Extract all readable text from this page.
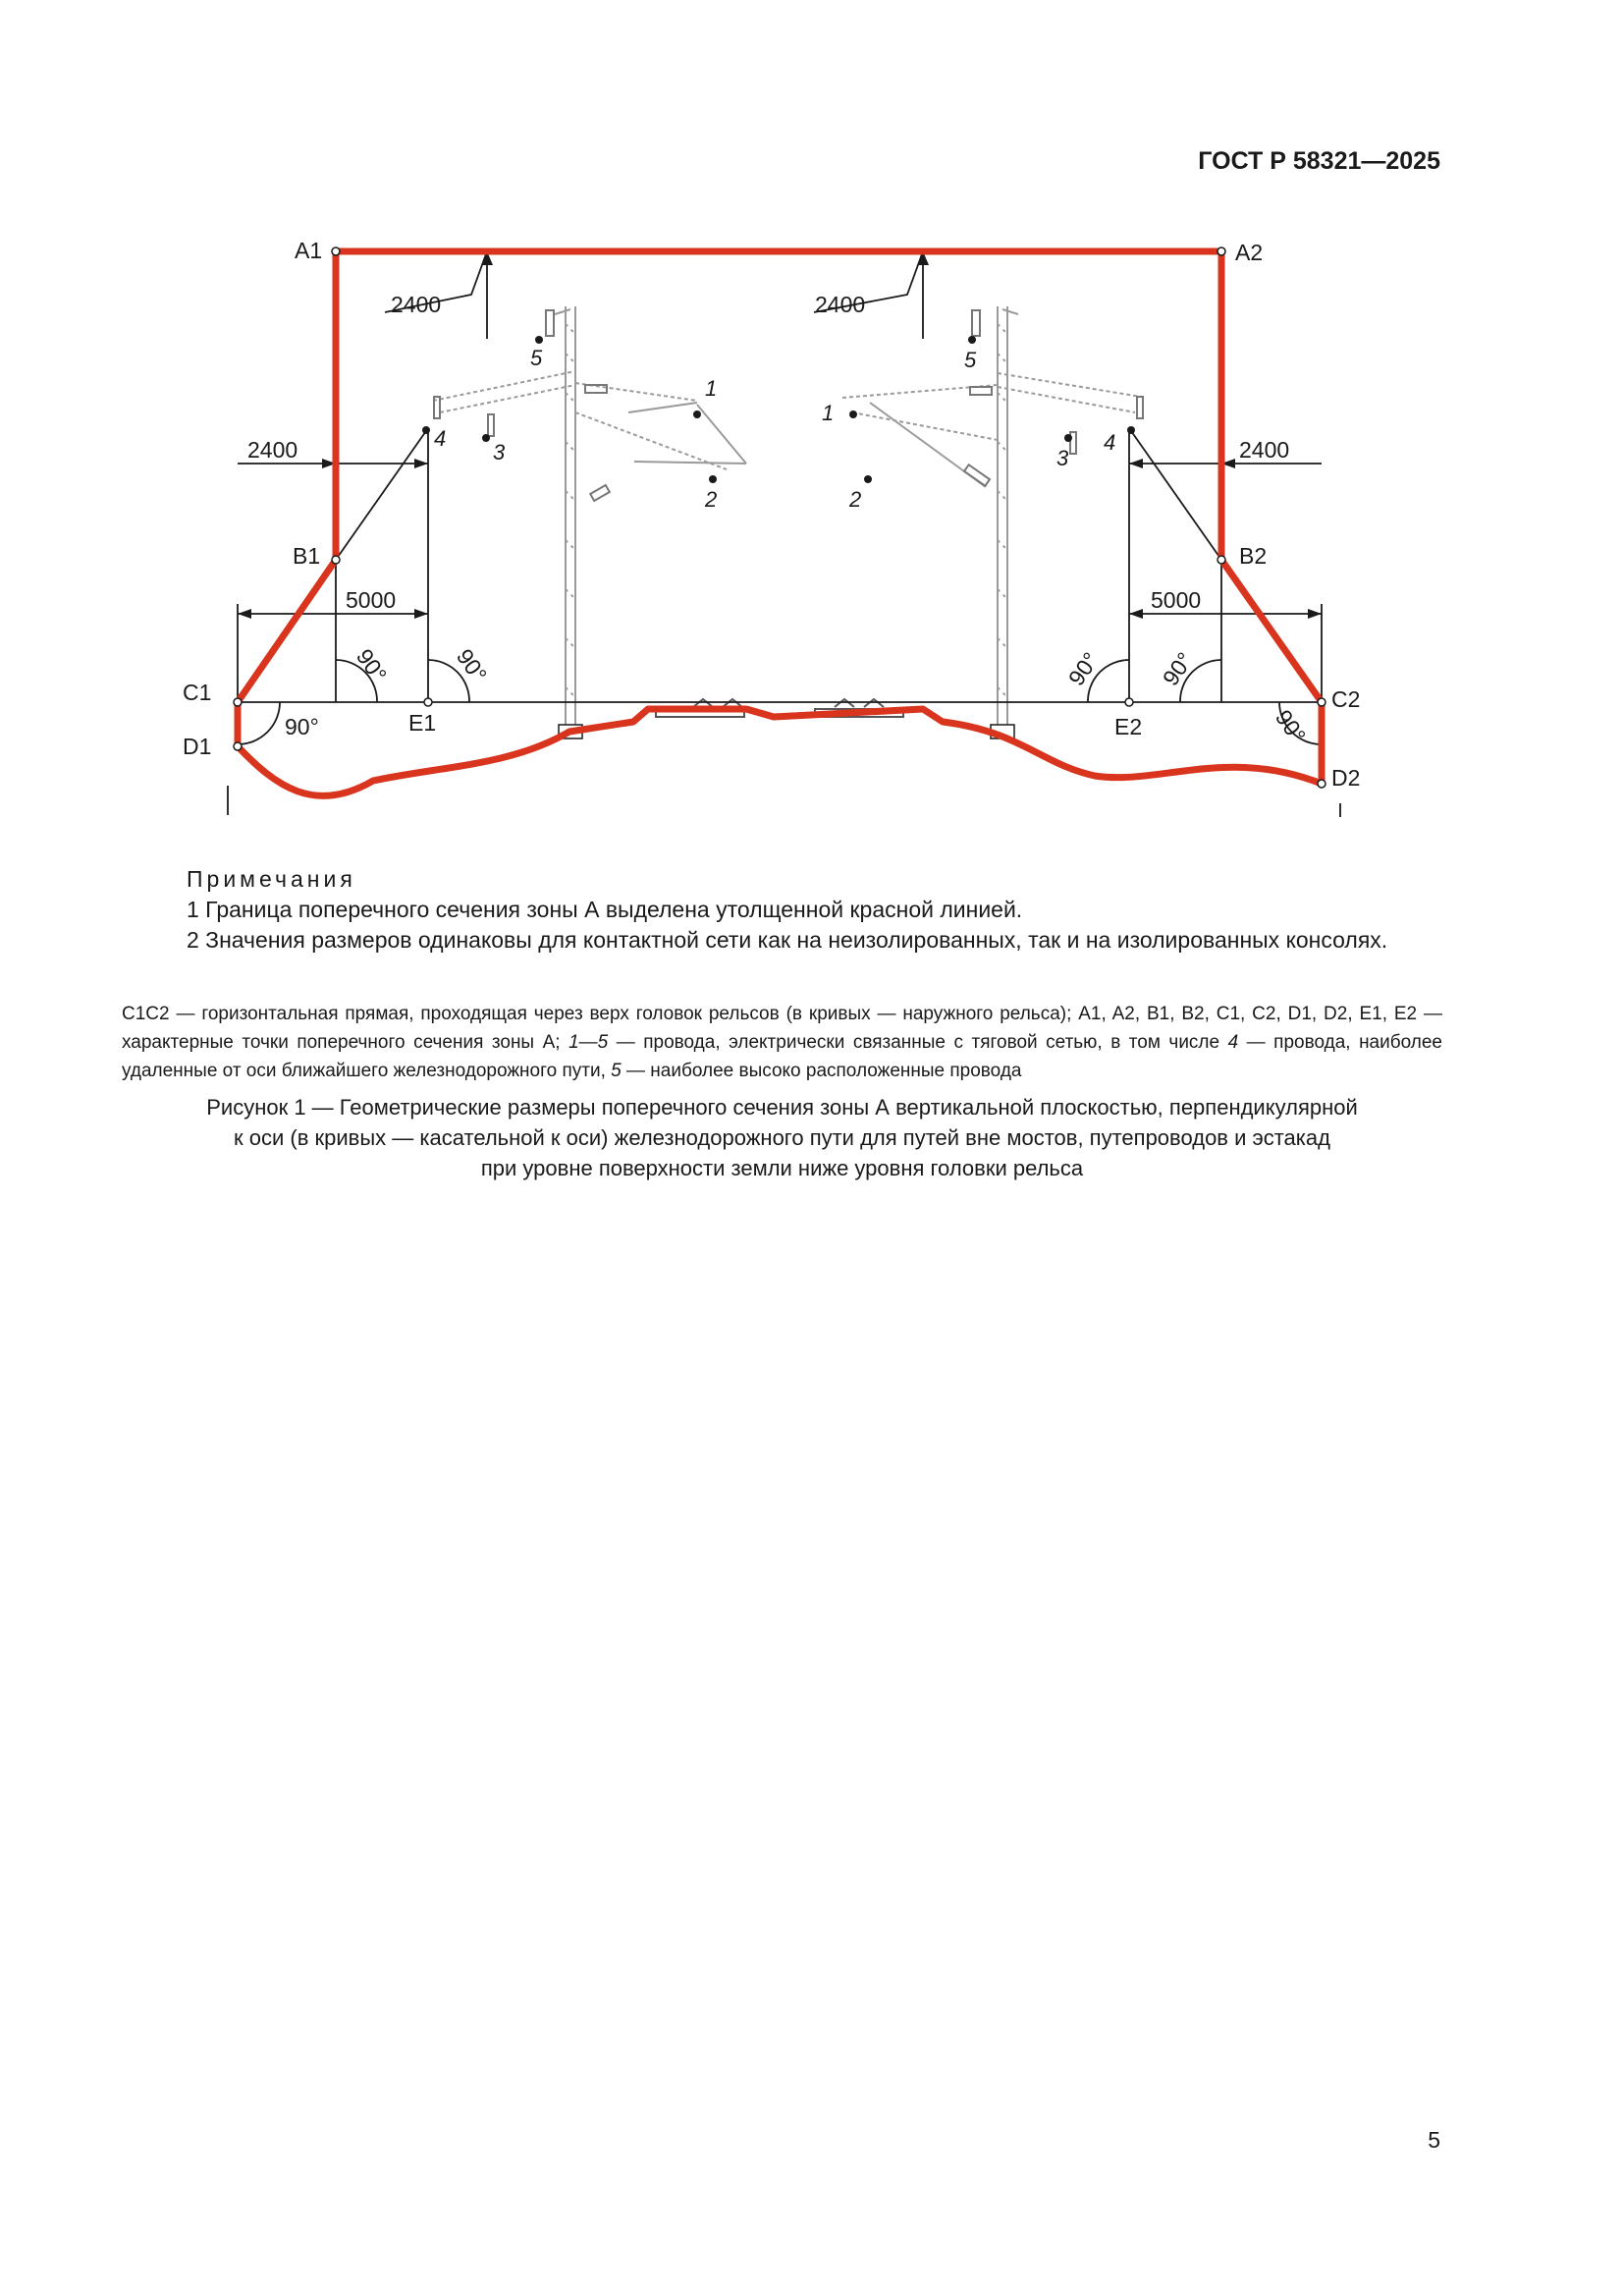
ГОСТ Р 58321—2025
A1	A2
B1	B2
C1	C2
D1
D2
E1	E2
2400	2400
2400	2400
5000	5000
90°
90°	90°	90° 90°
90°
5	5
1
1
4	4
3	3
2	2
Примечания
1 Граница поперечного сечения зоны А выделена утолщенной красной линией.
2 Значения размеров одинаковы для контактной сети как на неизолированных, так и на изолированных консолях.
C1C2 — горизонтальная прямая, проходящая через верх головок рельсов (в кривых — наружного рельса); A1, A2, B1, B2, C1, C2, D1, D2, E1, E2 — характерные точки поперечного сечения зоны А; 1—5 — провода, электрически связанные с тяговой сетью, в том числе 4 — провода, наиболее удаленные от оси ближайшего железнодорожного пути, 5 — наиболее высоко расположенные провода
Рисунок 1 — Геометрические размеры поперечного сечения зоны А вертикальной плоскостью, перпендикулярной
к оси (в кривых — касательной к оси) железнодорожного пути для путей вне мостов, путепроводов и эстакад
при уровне поверхности земли ниже уровня головки рельса
5
